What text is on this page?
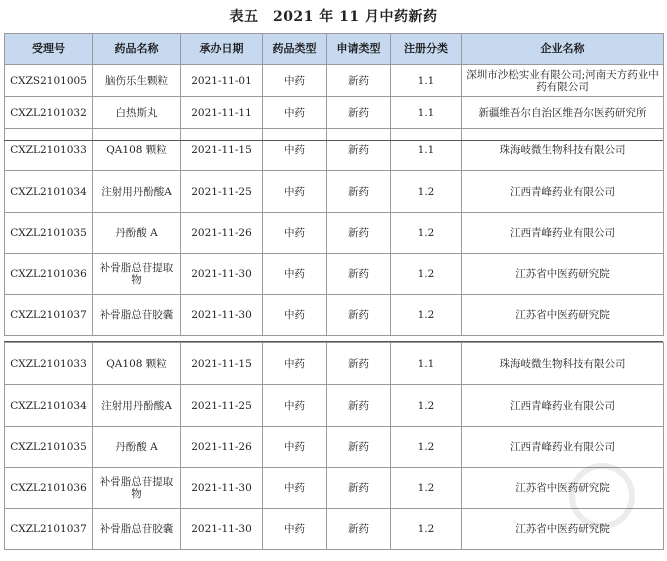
表五　2021 年 11 月中药新药
受理号	药品名称	承办日期	药品类型	申请类型	注册分类	企业名称
CXZS2101005	脑伤乐生颗粒	2021-11-01	中药	新药	1.1	深圳市沙松实业有限公司;河南天方药业中药有限公司
CXZL2101032	白热斯丸	2021-11-11	中药	新药	1.1	新疆维吾尔自治区维吾尔医药研究所
CXZL2101033	QA108 颗粒	2021-11-15	中药	新药	1.1	珠海岐微生物科技有限公司
CXZL2101034	注射用丹酚酸A	2021-11-25	中药	新药	1.2	江西青峰药业有限公司
CXZL2101035	丹酚酸 A	2021-11-26	中药	新药	1.2	江西青峰药业有限公司
CXZL2101036	补骨脂总苷提取物	2021-11-30	中药	新药	1.2	江苏省中医药研究院
CXZL2101037	补骨脂总苷胶囊	2021-11-30	中药	新药	1.2	江苏省中医药研究院
CXZL2101033	QA108 颗粒	2021-11-15	中药	新药	1.1	珠海岐微生物科技有限公司
CXZL2101034	注射用丹酚酸A	2021-11-25	中药	新药	1.2	江西青峰药业有限公司
CXZL2101035	丹酚酸 A	2021-11-26	中药	新药	1.2	江西青峰药业有限公司
CXZL2101036	补骨脂总苷提取物	2021-11-30	中药	新药	1.2	江苏省中医药研究院
CXZL2101037	补骨脂总苷胶囊	2021-11-30	中药	新药	1.2	江苏省中医药研究院
